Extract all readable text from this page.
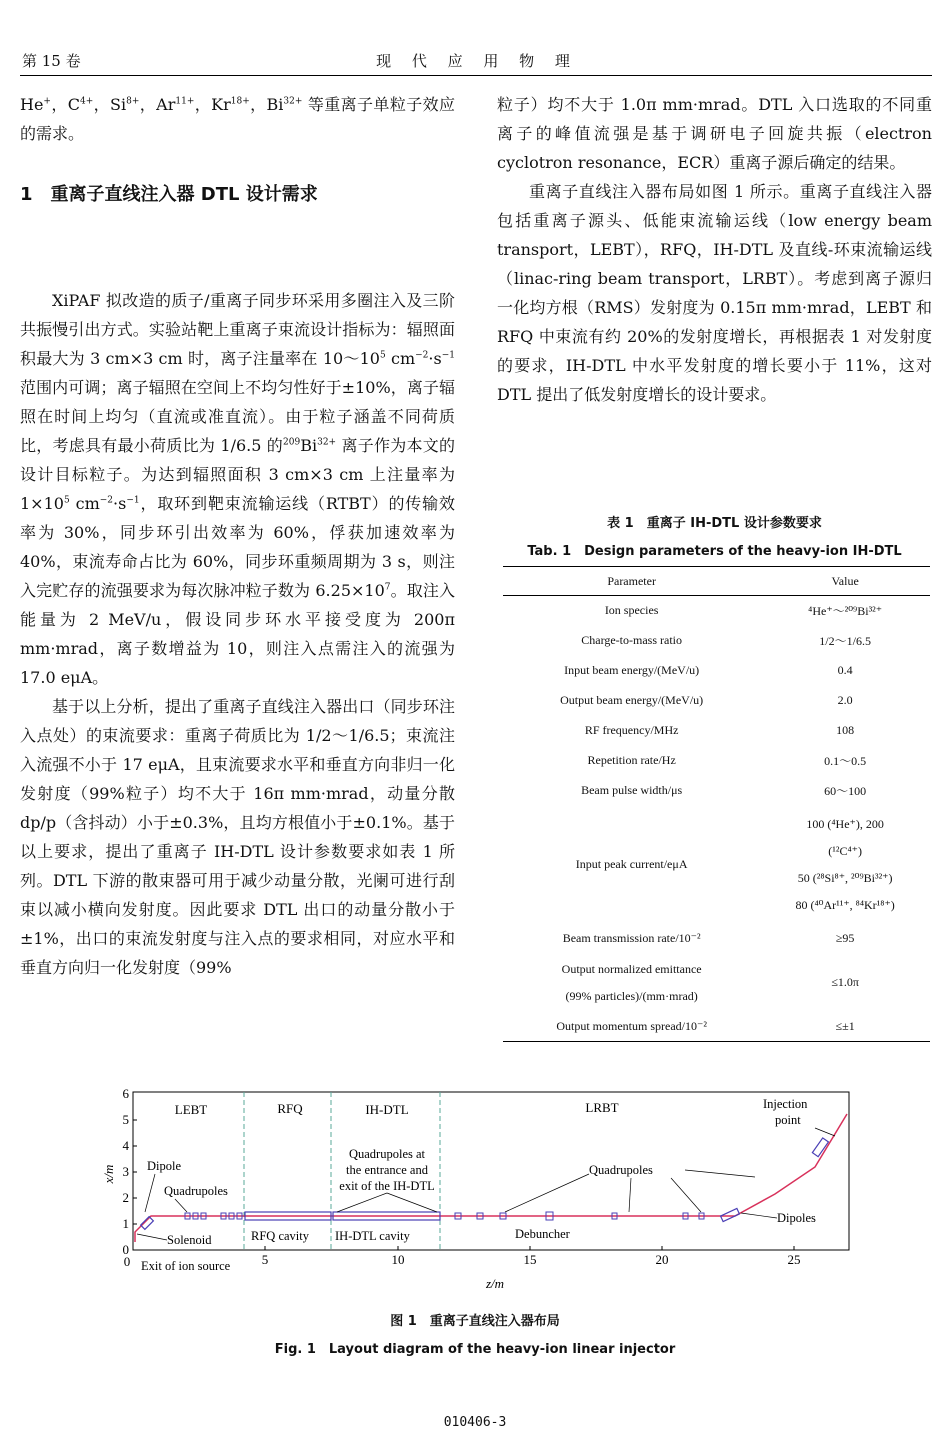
第 15 卷	现 代 应 用 物 理

He+，$C^{4+}$，$Si^{8+}$，$Ar^{11+}$，$Kr^{18+}$，$Bi^{32+}$ 等重离子单粒子效应的需求。

XiPAF 拟改造的质子/重离子同步环采用多圈注入及三阶共振慢引出方式。实验站靶上重离子束流设计指标为：辐照面积最大为 3 cm×3 cm 时，离子注量率在 $10\sim 10^5$ $cm^{-2}\cdot s^{-1}$范围内可调；离子辐照在空间上不均匀性好于±10%，离子辐照在时间上均匀（直流或准直流）。由于粒子涵盖不同荷质比，考虑具有最小荷质比为 1/6.5 的$^{209}Bi^{32+}$ 离子作为本文的设计目标粒子。为达到辐照面积 3 cm×3 cm 上注量率为 $1\times 10^5$ $cm^{-2}\cdot s^{-1}$，取环到靶束流输运线（RTBT）的传输效率为 30%，同步环引出效率为 60%，俘获加速效率为 40%，束流寿命占比为 60%，同步环重频周期为 3 s，则注入完贮存的流强要求为每次脉冲粒子数为 $6.25\times 10^7$。取注入能量为 2 MeV/u，假设同步环水平接受度为 200π mm·mrad，离子数增益为 10，则注入点需注入的流强为 17.0 eμA。

基于以上分析，提出了重离子直线注入器出口（同步环注入点处）的束流要求：重离子荷质比为 1/2～1/6.5；束流注入流强不小于 17 eμA，且束流要求水平和垂直方向非归一化发射度（99%粒子）均不大于 16π mm·mrad，动量分散 dp/p（含抖动）小于±0.3%，且均方根值小于±0.1%。基于以上要求，提出了重离子 IH-DTL 设计参数要求如表 1 所列。DTL 下游的散束器可用于减少动量分散，光阑可进行刮束以减小横向发射度。因此要求 DTL 出口的动量分散小于±1%，出口的束流发射度与注入点的要求相同，对应水平和垂直方向归一化发射度（99%

1　重离子直线注入器 DTL 设计需求

粒子）均不大于 1.0π mm·mrad。DTL 入口选取的不同重离子的峰值流强是基于调研电子回旋共振（electron cyclotron resonance，ECR）重离子源后确定的结果。

重离子直线注入器布局如图 1 所示。重离子直线注入器包括重离子源头、低能束流输运线（low energy beam transport，LEBT），RFQ，IH-DTL 及直线-环束流输运线（linac-ring beam transport，LRBT）。考虑到离子源归一化均方根（RMS）发射度为 0.15π mm·mrad，LEBT 和 RFQ 中束流有约 20%的发射度增长，再根据表 1 对发射度的要求，IH-DTL 中水平发射度的增长要小于 11%，这对 DTL 提出了低发射度增长的设计要求。

表 1　重离子 IH-DTL 设计参数要求
Tab. 1　Design parameters of the heavy-ion IH-DTL
Parameter	Value
Ion species	⁴He⁺～²⁰⁹Bi³²⁺
Charge-to-mass ratio	1/2～1/6.5
Input beam energy/(MeV/u)	0.4
Output beam energy/(MeV/u)	2.0
RF frequency/MHz	108
Repetition rate/Hz	0.1～0.5
Beam pulse width/μs	60～100
Input peak current/eμA	100 (⁴He⁺), 200
(¹²C⁴⁺)
50 (²⁸Si⁸⁺, ²⁰⁹Bi³²⁺)
80 (⁴⁰Ar¹¹⁺, ⁸⁴Kr¹⁸⁺)

Beam transmission rate/10⁻²	≥95

Output normalized emittance
(99% particles)/(mm·mrad)	≤1.0π
Output momentum spread/10⁻²	≤±1
0
1
2
3
4
5
6
0	5	10	15	20	25
z/m
x/m
LEBT	RFQ	IH-DTL	LRBT
Dipole
Quadrupoles
Solenoid
Exit of ion source
RFQ cavity IH-DTL cavity
Quadrupoles at
the entrance and
exit of the IH-DTL
Debuncher
Quadrupoles
Dipoles
Injection
point
图 1　重离子直线注入器布局
Fig. 1　Layout diagram of the heavy-ion linear injector
010406-3
